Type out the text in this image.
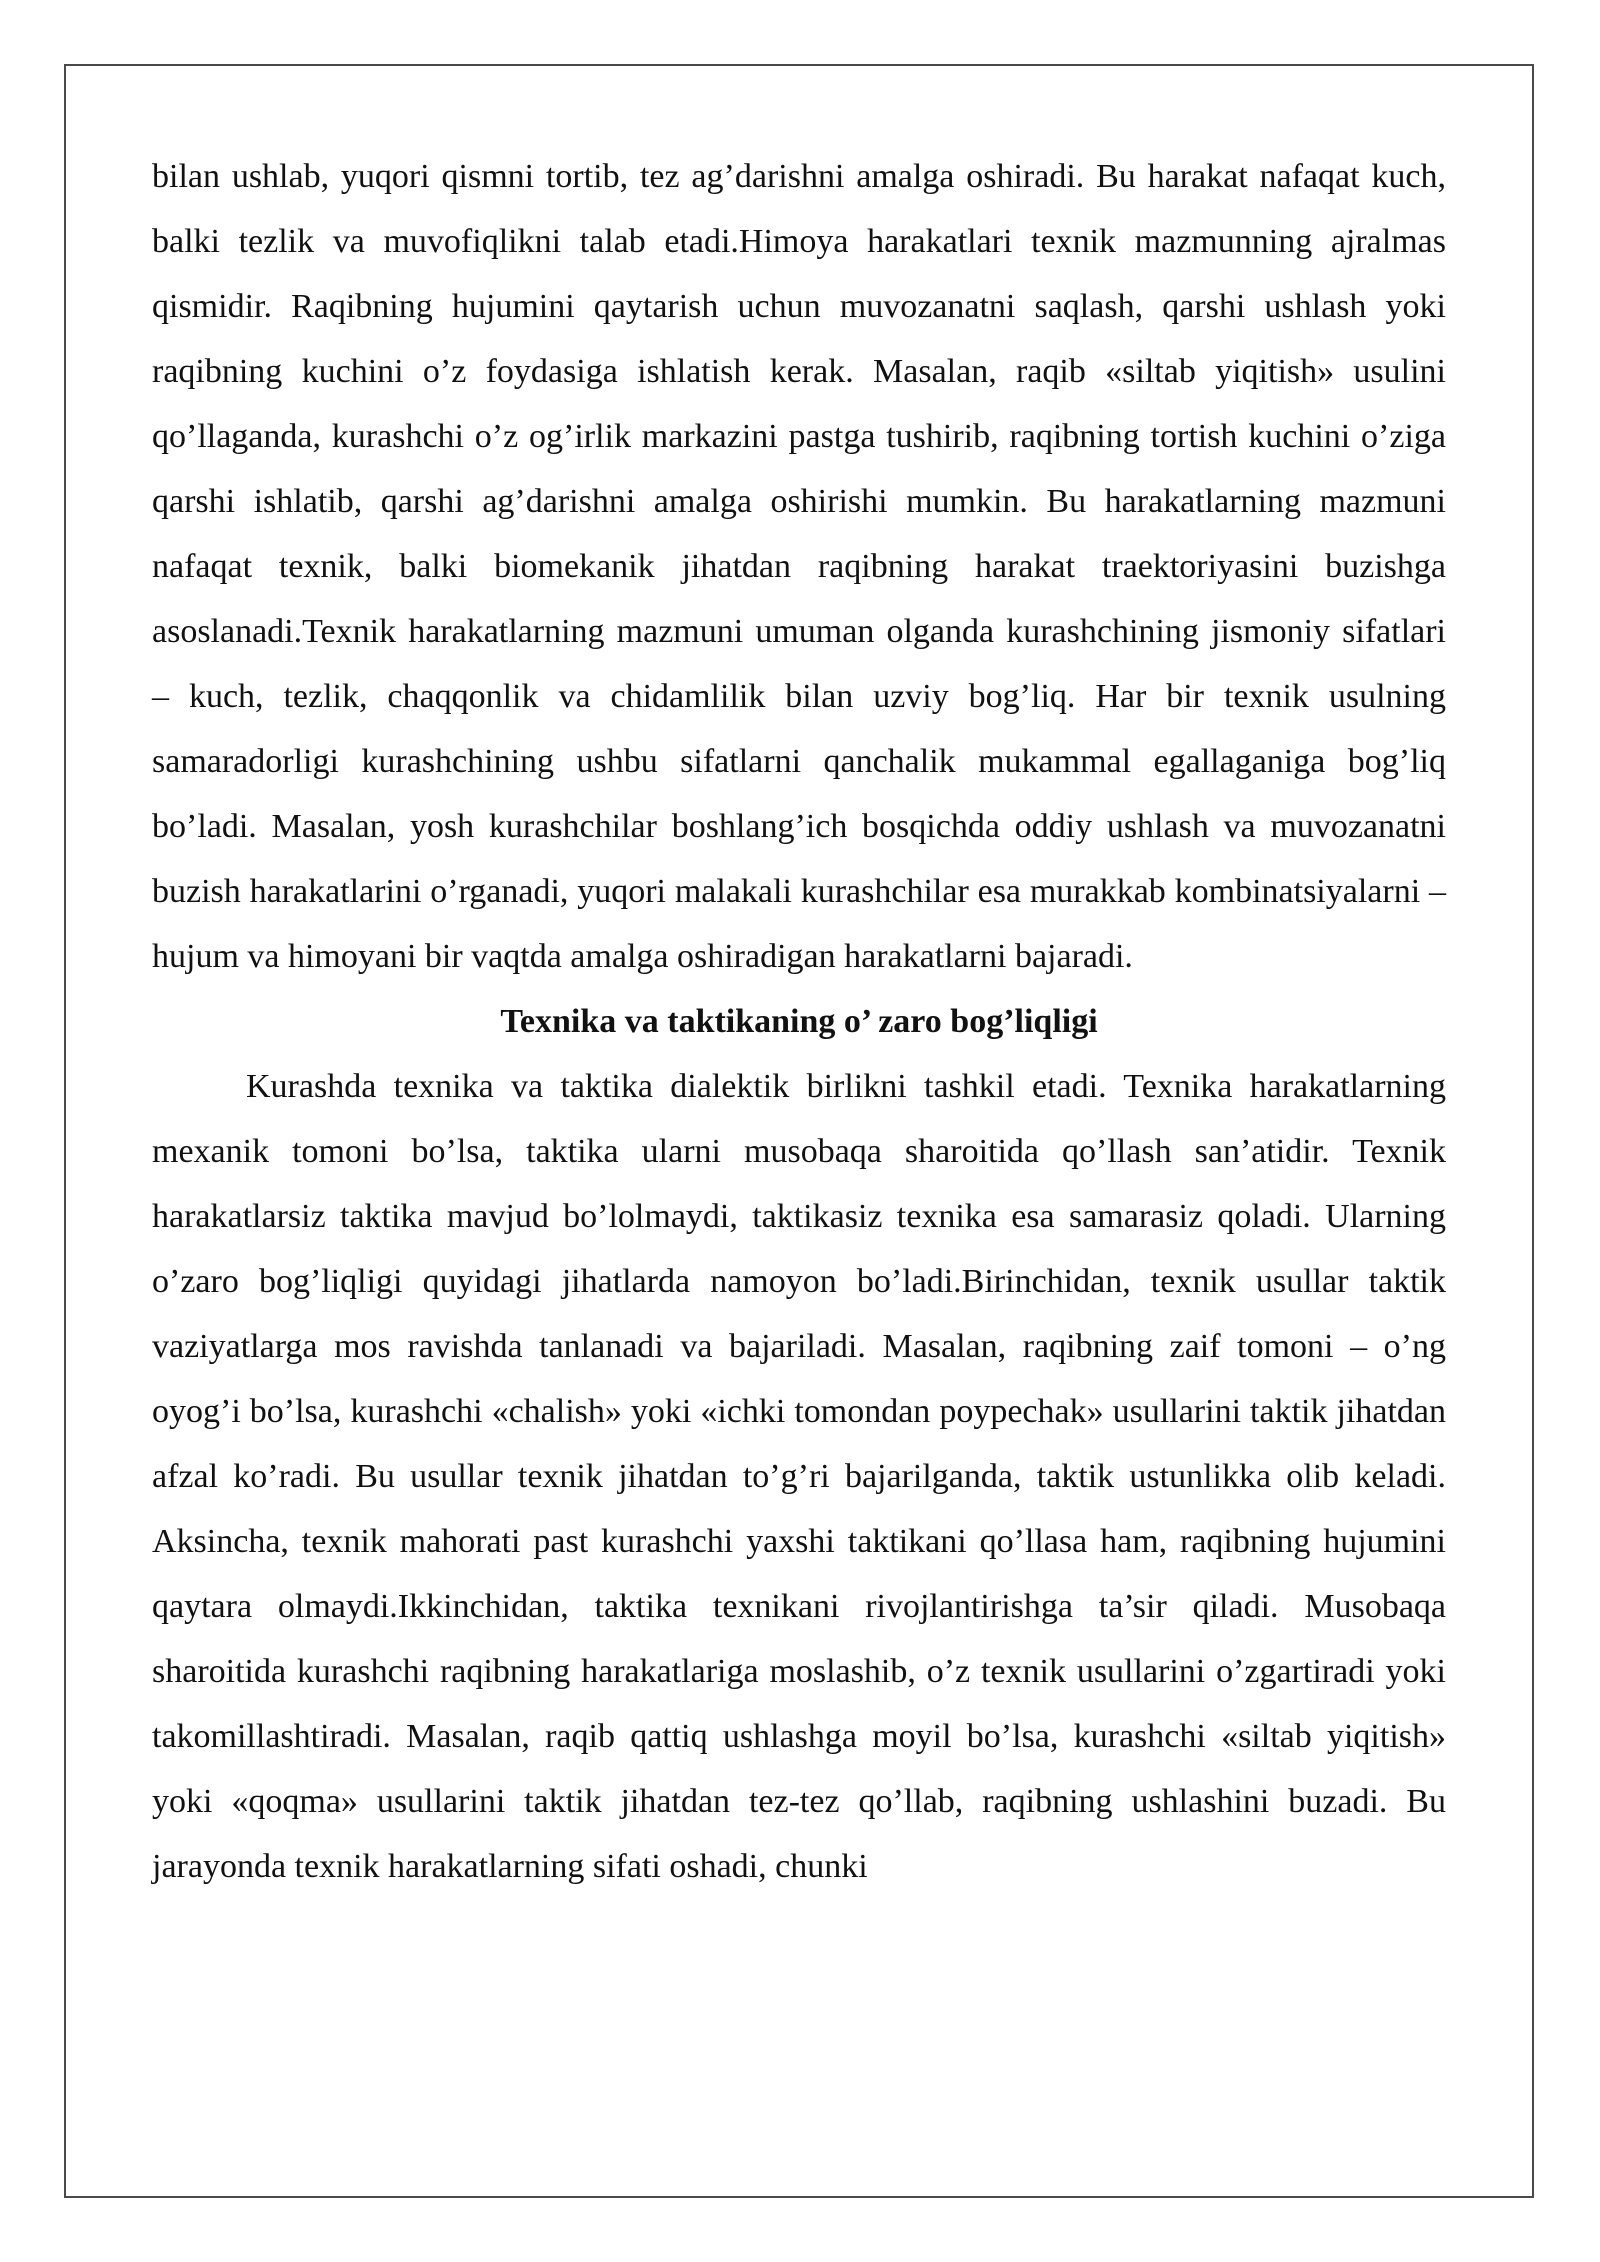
bilan ushlab, yuqori qismni tortib, tez ag’darishni amalga oshiradi. Bu harakat nafaqat kuch, balki tezlik va muvofiqlikni talab etadi.Himoya harakatlari texnik mazmunning ajralmas qismidir. Raqibning hujumini qaytarish uchun muvozanatni saqlash, qarshi ushlash yoki raqibning kuchini o’z foydasiga ishlatish kerak. Masalan, raqib «siltab yiqitish» usulini qo’llaganda, kurashchi o’z og’irlik markazini pastga tushirib, raqibning tortish kuchini o’ziga qarshi ishlatib, qarshi ag’darishni amalga oshirishi mumkin. Bu harakatlarning mazmuni nafaqat texnik, balki biomekanik jihatdan raqibning harakat traektoriyasini buzishga asoslanadi.Texnik harakatlarning mazmuni umuman olganda kurashchining jismoniy sifatlari – kuch, tezlik, chaqqonlik va chidamlilik bilan uzviy bog’liq. Har bir texnik usulning samaradorligi kurashchining ushbu sifatlarni qanchalik mukammal egallaganiga bog’liq bo’ladi. Masalan, yosh kurashchilar boshlang’ich bosqichda oddiy ushlash va muvozanatni buzish harakatlarini o’rganadi, yuqori malakali kurashchilar esa murakkab kombinatsiyalarni – hujum va himoyani bir vaqtda amalga oshiradigan harakatlarni bajaradi.

Texnika va taktikaning o’ zaro bog’liqligi

Kurashda texnika va taktika dialektik birlikni tashkil etadi. Texnika harakatlarning mexanik tomoni bo’lsa, taktika ularni musobaqa sharoitida qo’llash san’atidir. Texnik harakatlarsiz taktika mavjud bo’lolmaydi, taktikasiz texnika esa samarasiz qoladi. Ularning o’zaro bog’liqligi quyidagi jihatlarda namoyon bo’ladi.Birinchidan, texnik usullar taktik vaziyatlarga mos ravishda tanlanadi va bajariladi. Masalan, raqibning zaif tomoni – o’ng oyog’i bo’lsa, kurashchi «chalish» yoki «ichki tomondan poypechak» usullarini taktik jihatdan afzal ko’radi. Bu usullar texnik jihatdan to’g’ri bajarilganda, taktik ustunlikka olib keladi. Aksincha, texnik mahorati past kurashchi yaxshi taktikani qo’llasa ham, raqibning hujumini qaytara olmaydi.Ikkinchidan, taktika texnikani rivojlantirishga ta’sir qiladi. Musobaqa sharoitida kurashchi raqibning harakatlariga moslashib, o’z texnik usullarini o’zgartiradi yoki takomillashtiradi. Masalan, raqib qattiq ushlashga moyil bo’lsa, kurashchi «siltab yiqitish» yoki «qoqma» usullarini taktik jihatdan tez-tez qo’llab, raqibning ushlashini buzadi. Bu jarayonda texnik harakatlarning sifati oshadi, chunki
